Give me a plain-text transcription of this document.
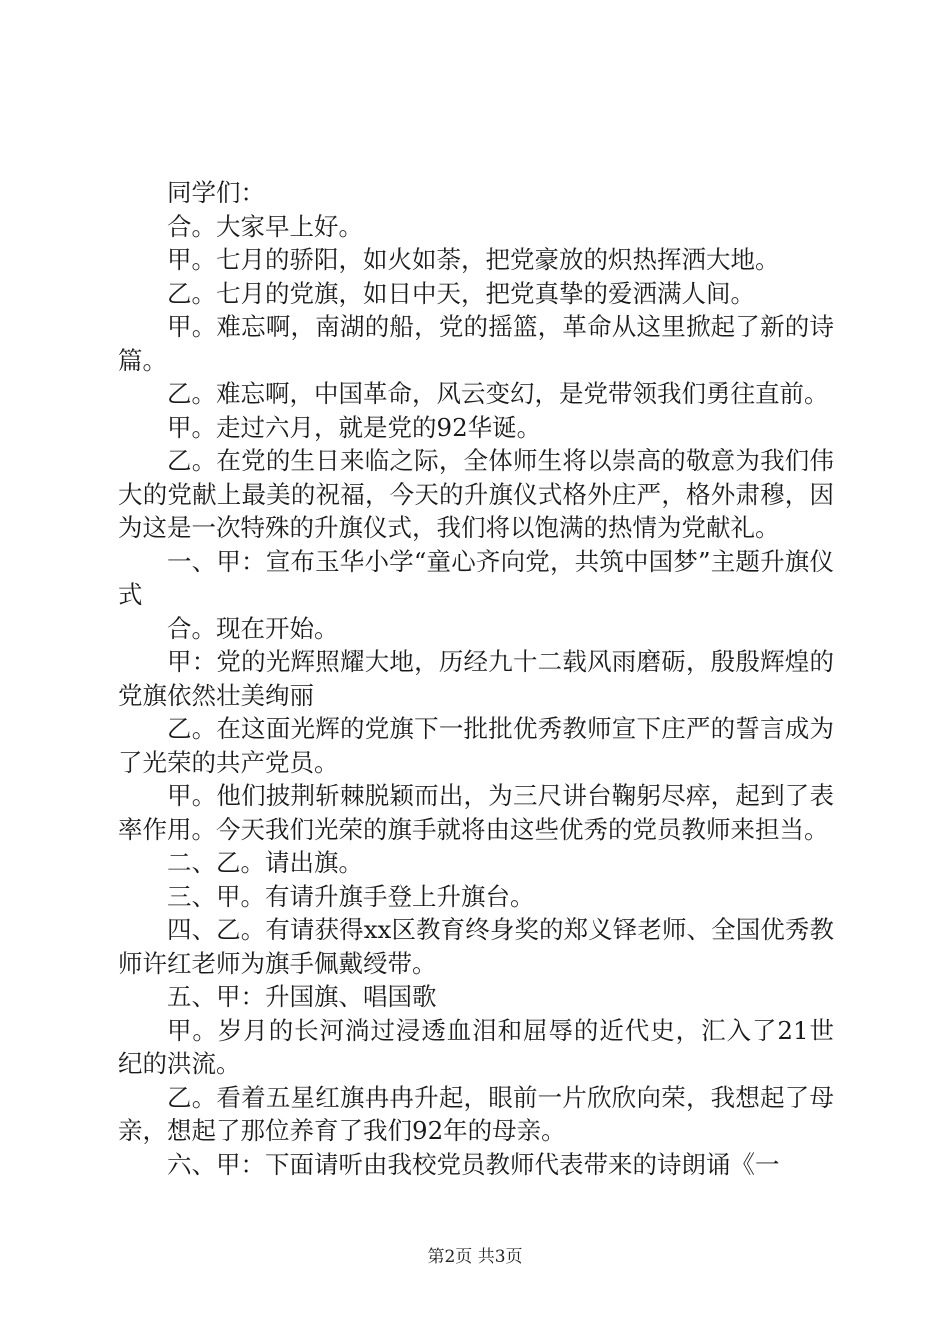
同学们：

合。大家早上好。

甲。七月的骄阳，如火如荼，把党豪放的炽热挥洒大地。

乙。七月的党旗，如日中天，把党真挚的爱洒满人间。

甲。难忘啊，南湖的船，党的摇篮，革命从这里掀起了新的诗篇。

乙。难忘啊，中国革命，风云变幻，是党带领我们勇往直前。

甲。走过六月，就是党的92华诞。

乙。在党的生日来临之际，全体师生将以崇高的敬意为我们伟大的党献上最美的祝福，今天的升旗仪式格外庄严，格外肃穆，因为这是一次特殊的升旗仪式，我们将以饱满的热情为党献礼。

一、甲：宣布玉华小学“童心齐向党，共筑中国梦”主题升旗仪式

合。现在开始。

甲：党的光辉照耀大地，历经九十二载风雨磨砺，殷殷辉煌的党旗依然壮美绚丽

乙。在这面光辉的党旗下一批批优秀教师宣下庄严的誓言成为了光荣的共产党员。

甲。他们披荆斩棘脱颖而出，为三尺讲台鞠躬尽瘁，起到了表率作用。今天我们光荣的旗手就将由这些优秀的党员教师来担当。

二、乙。请出旗。

三、甲。有请升旗手登上升旗台。

四、乙。有请获得xx区教育终身奖的郑义铎老师、全国优秀教师许红老师为旗手佩戴绶带。

五、甲：升国旗、唱国歌

甲。岁月的长河淌过浸透血泪和屈辱的近代史，汇入了21世纪的洪流。

乙。看着五星红旗冉冉升起，眼前一片欣欣向荣，我想起了母亲，想起了那位养育了我们92年的母亲。

六、甲：下面请听由我校党员教师代表带来的诗朗诵《一

第2页 共3页
